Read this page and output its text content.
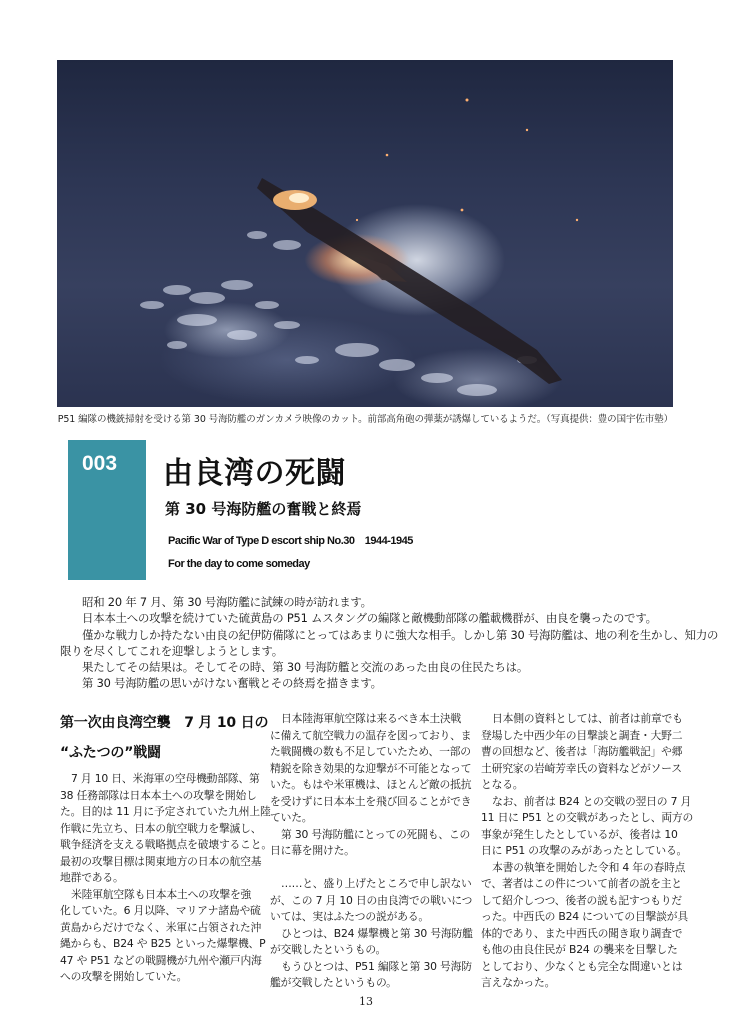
P51 編隊の機銃掃射を受ける第 30 号海防艦のガンカメラ映像のカット。前部高角砲の弾薬が誘爆しているようだ。（写真提供：豊の国宇佐市塾）
003 由良湾の死闘
第 30 号海防艦の奮戦と終焉
Pacific War of Type D escort ship No.30    1944-1945
For the day to come someday

昭和 20 年 7 月、第 30 号海防艦に試練の時が訪れます。

日本本土への攻撃を続けていた硫黄島の P51 ムスタングの編隊と敵機動部隊の艦載機群が、由良を襲ったのです。

僅かな戦力しか持たない由良の紀伊防備隊にとってはあまりに強大な相手。しかし第 30 号海防艦は、地の利を生かし、知力の

限りを尽くしてこれを迎撃しようとします。

果たしてその結果は。そしてその時、第 30 号海防艦と交流のあった由良の住民たちは。

第 30 号海防艦の思いがけない奮戦とその終焉を描きます。

第一次由良湾空襲　7 月 10 日の
“ふたつの”戦闘

7 月 10 日、米海軍の空母機動部隊、第

38 任務部隊は日本本土への攻撃を開始し

た。目的は 11 月に予定されていた九州上陸

作戦に先立ち、日本の航空戦力を撃滅し、

戦争経済を支える戦略拠点を破壊すること。

最初の攻撃目標は関東地方の日本の航空基

地群である。

米陸軍航空隊も日本本土への攻撃を強

化していた。6 月以降、マリアナ諸島や硫

黄島からだけでなく、米軍に占領された沖

縄からも、B24 や B25 といった爆撃機、P

47 や P51 などの戦闘機が九州や瀬戸内海

への攻撃を開始していた。

日本陸海軍航空隊は来るべき本土決戦

に備えて航空戦力の温存を図っており、ま

た戦闘機の数も不足していたため、一部の

精鋭を除き効果的な迎撃が不可能となって

いた。もはや米軍機は、ほとんど敵の抵抗

を受けずに日本本土を飛び回ることができ

ていた。

第 30 号海防艦にとっての死闘も、この

日に幕を開けた。

……と、盛り上げたところで申し訳ない

が、この 7 月 10 日の由良湾での戦いにつ

いては、実はふたつの説がある。

ひとつは、B24 爆撃機と第 30 号海防艦

が交戦したというもの。

もうひとつは、P51 編隊と第 30 号海防

艦が交戦したというもの。

日本側の資料としては、前者は前章でも

登場した中西少年の目撃談と調査・大野二

曹の回想など、後者は「海防艦戦記」や郷

土研究家の岩崎芳幸氏の資料などがソース

となる。

なお、前者は B24 との交戦の翌日の 7 月

11 日に P51 との交戦があったとし、両方の

事象が発生したとしているが、後者は 10

日に P51 の攻撃のみがあったとしている。

本書の執筆を開始した令和 4 年の春時点

で、著者はこの件について前者の説を主と

して紹介しつつ、後者の説も記すつもりだ

った。中西氏の B24 についての目撃談が具

体的であり、また中西氏の聞き取り調査で

も他の由良住民が B24 の襲来を目撃した

としており、少なくとも完全な間違いとは

言えなかった。

13
